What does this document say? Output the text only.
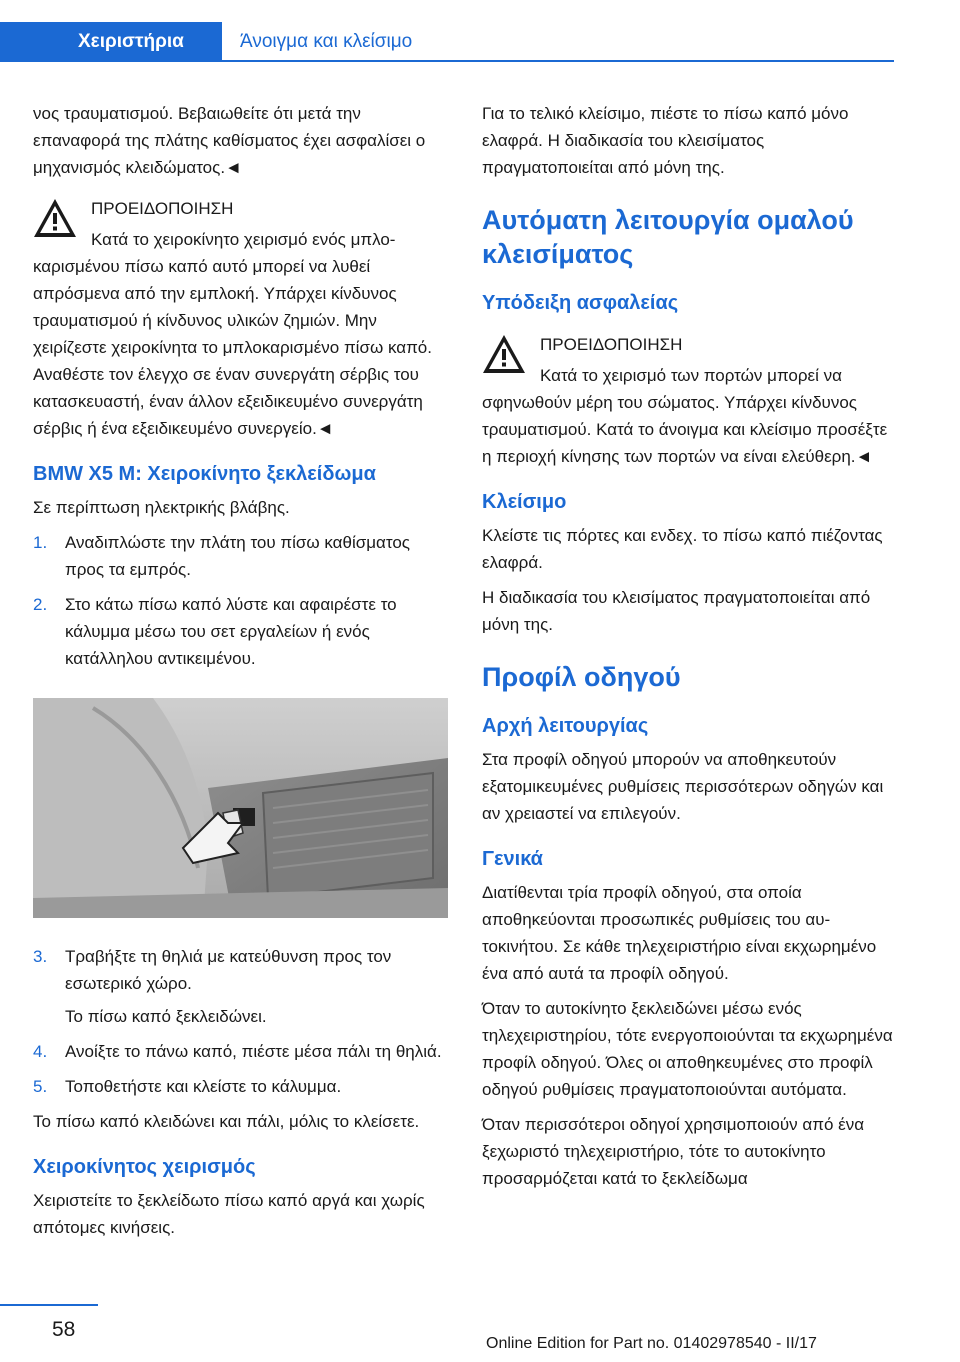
Χειριστήρια	Άνοιγμα και κλείσιμο

νος τραυματισμού. Βεβαιωθείτε ότι μετά την επαναφορά της πλάτης καθίσματος έχει ασφαλίσει ο μηχανισμός κλειδώματος.◄

ΠΡΟΕΙΔΟΠΟΙΗΣΗ
Κατά το χειροκίνητο χειρισμό ενός μπλοκαρισμένου πίσω καπό αυτό μπορεί να λυθεί απρόσμενα από την εμπλοκή. Υπάρχει κίνδυνος τραυματισμού ή κίνδυνος υλικών ζημιών. Μην χειρίζεστε χειροκίνητα το μπλοκαρισμένο πίσω καπό. Αναθέστε τον έλεγχο σε έναν συνεργάτη σέρβις του κατασκευαστή, έναν άλλον εξειδικευμένο συνεργάτη σέρβις ή ένα εξειδικευμένο συνεργείο.◄
BMW X5 M: Χειροκίνητο ξεκλείδωμα

Σε περίπτωση ηλεκτρικής βλάβης.

1. Αναδιπλώστε την πλάτη του πίσω καθίσματος προς τα εμπρός.
2. Στο κάτω πίσω καπό λύστε και αφαιρέστε το κάλυμμα μέσω του σετ εργαλείων ή ενός κατάλληλου αντικειμένου.
3. Τραβήξτε τη θηλιά με κατεύθυνση προς τον εσωτερικό χώρο.
Το πίσω καπό ξεκλειδώνει.
4. Ανοίξτε το πάνω καπό, πιέστε μέσα πάλι τη θηλιά.
5. Τοποθετήστε και κλείστε το κάλυμμα.

Το πίσω καπό κλειδώνει και πάλι, μόλις το κλείσετε.

Χειροκίνητος χειρισμός

Χειριστείτε το ξεκλείδωτο πίσω καπό αργά και χωρίς απότομες κινήσεις.

Για το τελικό κλείσιμο, πιέστε το πίσω καπό μόνο ελαφρά. Η διαδικασία του κλεισίματος πραγματοποιείται από μόνη της.

Αυτόματη λειτουργία ομαλού κλεισίματος
Υπόδειξη ασφαλείας
ΠΡΟΕΙΔΟΠΟΙΗΣΗ
Κατά το χειρισμό των πορτών μπορεί να σφηνωθούν μέρη του σώματος. Υπάρχει κίνδυνος τραυματισμού. Κατά το άνοιγμα και κλείσιμο προσέξτε η περιοχή κίνησης των πορτών να είναι ελεύθερη.◄
Κλείσιμο

Κλείστε τις πόρτες και ενδεχ. το πίσω καπό πιέζοντας ελαφρά.

Η διαδικασία του κλεισίματος πραγματοποιείται από μόνη της.

Προφίλ οδηγού
Αρχή λειτουργίας

Στα προφίλ οδηγού μπορούν να αποθηκευτούν εξατομικευμένες ρυθμίσεις περισσότερων οδηγών και αν χρειαστεί να επιλεγούν.

Γενικά

Διατίθενται τρία προφίλ οδηγού, στα οποία αποθηκεύονται προσωπικές ρυθμίσεις του αυτοκινήτου. Σε κάθε τηλεχειριστήριο είναι εκχωρημένο ένα από αυτά τα προφίλ οδηγού.

Όταν το αυτοκίνητο ξεκλειδώνει μέσω ενός τηλεχειριστηρίου, τότε ενεργοποιούνται τα εκχωρημένα προφίλ οδηγού. Όλες οι αποθηκευμένες στο προφίλ οδηγού ρυθμίσεις πραγματοποιούνται αυτόματα.

Όταν περισσότεροι οδηγοί χρησιμοποιούν από ένα ξεχωριστό τηλεχειριστήριο, τότε το αυτοκίνητο προσαρμόζεται κατά το ξεκλείδωμα

58
Online Edition for Part no. 01402978540 - II/17
